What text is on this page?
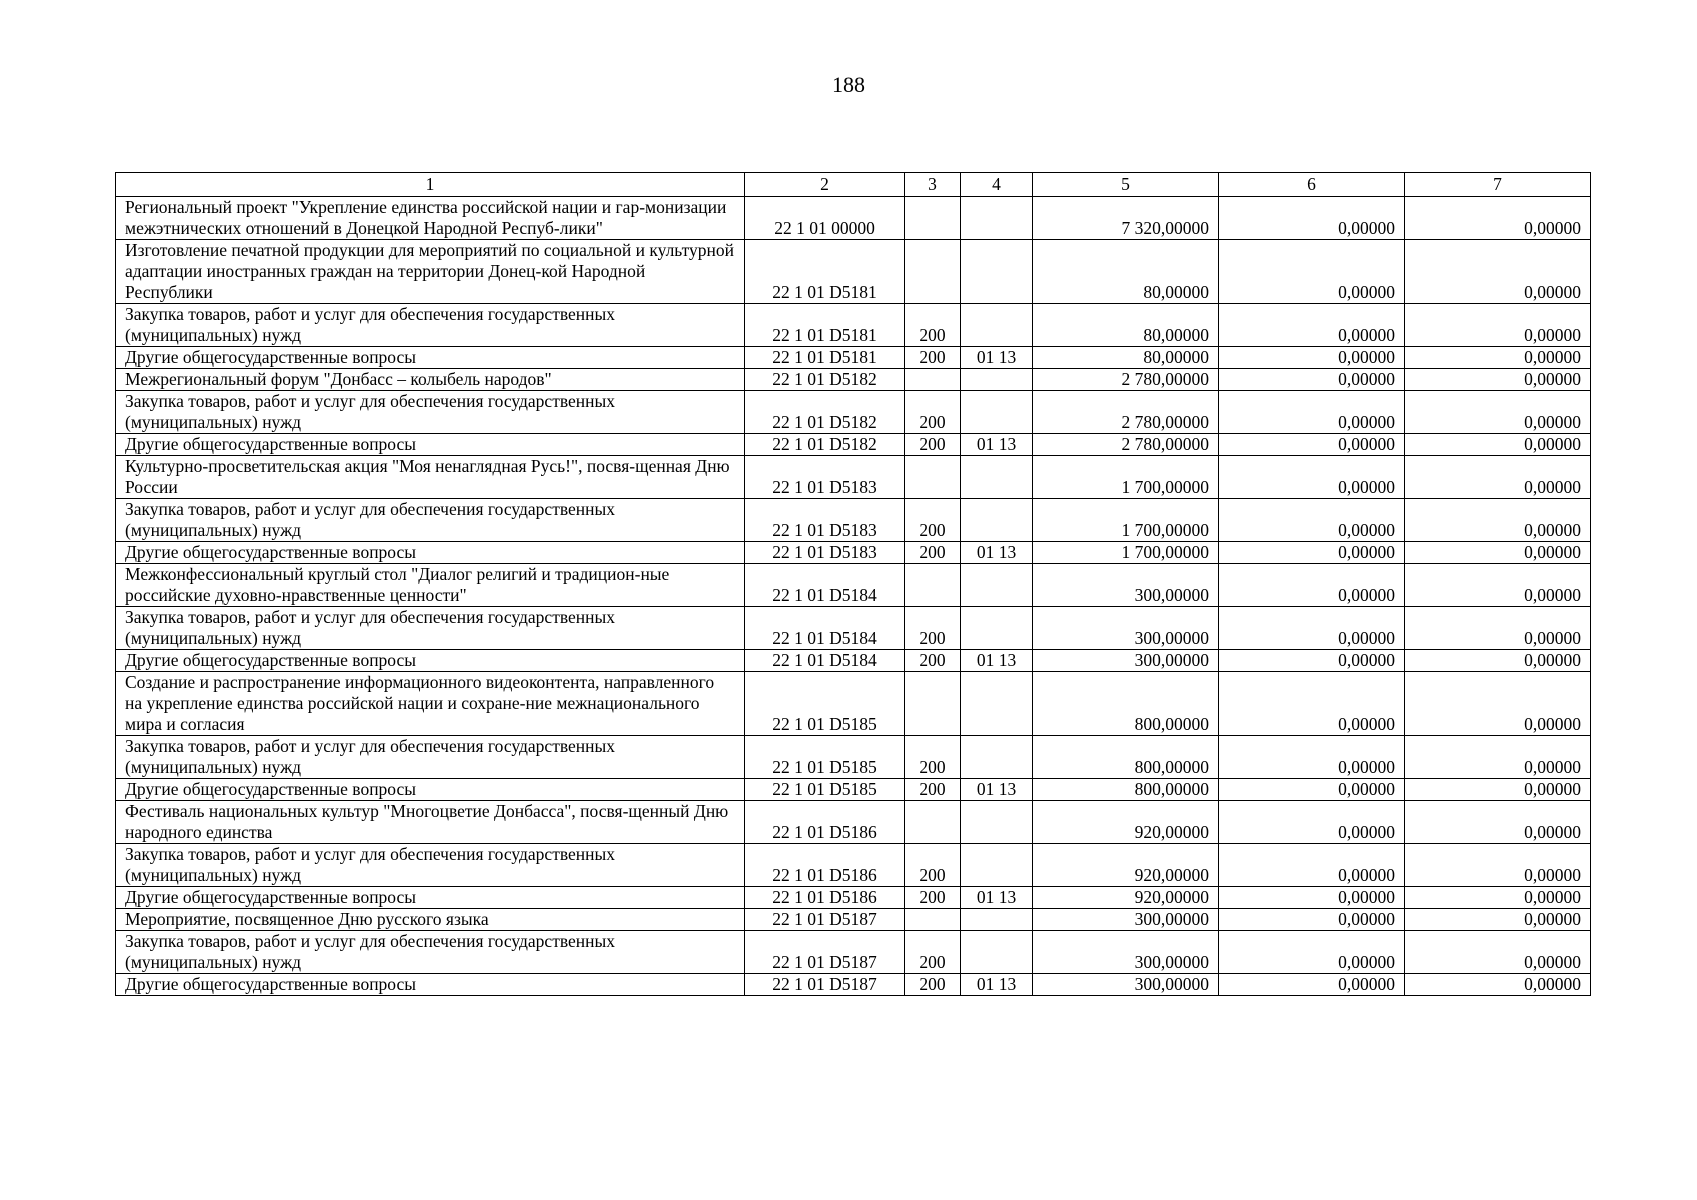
188
1	2	3	4	5	6	7
Региональный проект "Укрепление единства российской нации и гар-монизации межэтнических отношений в Донецкой Народной Респуб-лики"	22 1 01 00000			7 320,00000	0,00000	0,00000
Изготовление печатной продукции для мероприятий по социальной и культурной адаптации иностранных граждан на территории Донец-кой Народной Республики	22 1 01 D5181			80,00000	0,00000	0,00000
Закупка товаров, работ и услуг для обеспечения государственных (муниципальных) нужд	22 1 01 D5181	200		80,00000	0,00000	0,00000
Другие общегосударственные вопросы	22 1 01 D5181	200	01 13	80,00000	0,00000	0,00000
Межрегиональный форум "Донбасс – колыбель народов"	22 1 01 D5182			2 780,00000	0,00000	0,00000
Закупка товаров, работ и услуг для обеспечения государственных (муниципальных) нужд	22 1 01 D5182	200		2 780,00000	0,00000	0,00000
Другие общегосударственные вопросы	22 1 01 D5182	200	01 13	2 780,00000	0,00000	0,00000
Культурно-просветительская акция "Моя ненаглядная Русь!", посвя-щенная Дню России	22 1 01 D5183			1 700,00000	0,00000	0,00000
Закупка товаров, работ и услуг для обеспечения государственных (муниципальных) нужд	22 1 01 D5183	200		1 700,00000	0,00000	0,00000
Другие общегосударственные вопросы	22 1 01 D5183	200	01 13	1 700,00000	0,00000	0,00000
Межконфессиональный круглый стол "Диалог религий и традицион-ные российские духовно-нравственные ценности"	22 1 01 D5184			300,00000	0,00000	0,00000
Закупка товаров, работ и услуг для обеспечения государственных (муниципальных) нужд	22 1 01 D5184	200		300,00000	0,00000	0,00000
Другие общегосударственные вопросы	22 1 01 D5184	200	01 13	300,00000	0,00000	0,00000
Создание и распространение информационного видеоконтента, направленного на укрепление единства российской нации и сохране-ние межнационального мира и согласия	22 1 01 D5185			800,00000	0,00000	0,00000
Закупка товаров, работ и услуг для обеспечения государственных (муниципальных) нужд	22 1 01 D5185	200		800,00000	0,00000	0,00000
Другие общегосударственные вопросы	22 1 01 D5185	200	01 13	800,00000	0,00000	0,00000
Фестиваль национальных культур "Многоцветие Донбасса", посвя-щенный Дню народного единства	22 1 01 D5186			920,00000	0,00000	0,00000
Закупка товаров, работ и услуг для обеспечения государственных (муниципальных) нужд	22 1 01 D5186	200		920,00000	0,00000	0,00000
Другие общегосударственные вопросы	22 1 01 D5186	200	01 13	920,00000	0,00000	0,00000
Мероприятие, посвященное Дню русского языка	22 1 01 D5187			300,00000	0,00000	0,00000
Закупка товаров, работ и услуг для обеспечения государственных (муниципальных) нужд	22 1 01 D5187	200		300,00000	0,00000	0,00000
Другие общегосударственные вопросы	22 1 01 D5187	200	01 13	300,00000	0,00000	0,00000
